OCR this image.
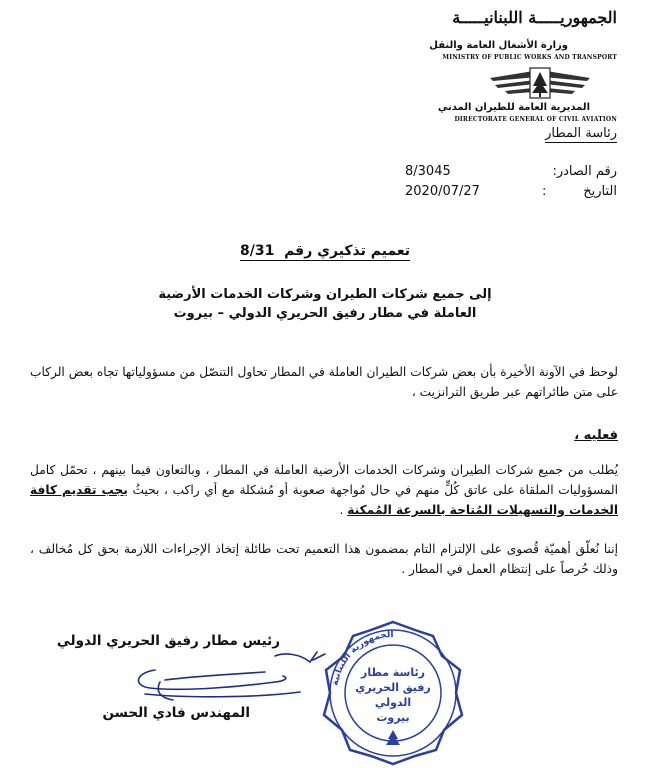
الجمهوريـــــة اللبنانيـــــة
وزارة الأشغال العامة والنقل
MINISTRY OF PUBLIC WORKS AND TRANSPORT
المديرية العامة للطيران المدني
DIRECTORATE GENERAL OF CIVIL AVIATION
رئاسة المطار
رقم الصادر:
8/3045
التاريخ
:
2020/07/27
تعميم تذكيري رقم  8/31
إلى جميع شركات الطيران وشركات الخدمات الأرضية
العاملة في مطار رفيق الحريري الدولي – بيروت
لوحظ في الآونة الأخيرة بأن بعض شركات الطيران العاملة في المطار تحاول التنصّل من مسؤولياتها تجاه بعض الركاب على متن طائراتهم عبر طريق الترانزيت ،
فعليه ،
يُطلب من جميع شركات الطيران وشركات الخدمات الأرضية العاملة في المطار ، وبالتعاون فيما بينهم ، تحمّل كامل المسؤوليات الملقاة على عاتق كُلٍّ منهم في حال مُواجهة صعوبة أو مُشكلة مع أي راكب ، بحيثُ يجب تقديم كافة الخدمات والتسهيلات المُتاحة بالسرعة المُمكنة .
إننا نُعلّق أهميّة قُصوى على الإلتزام التام بمضمون هذا التعميم تحت طائلة إتخاذ الإجراءات اللازمة بحق كل مُخالف ، وذلك حُرصاً على إنتظام العمل في المطار .
رئيس مطار رفيق الحريري الدولي
الجمهورية اللبنانية
رئاسة مطار
رفيق الحريري
الدولي
بيروت
المهندس فادي الحسن
